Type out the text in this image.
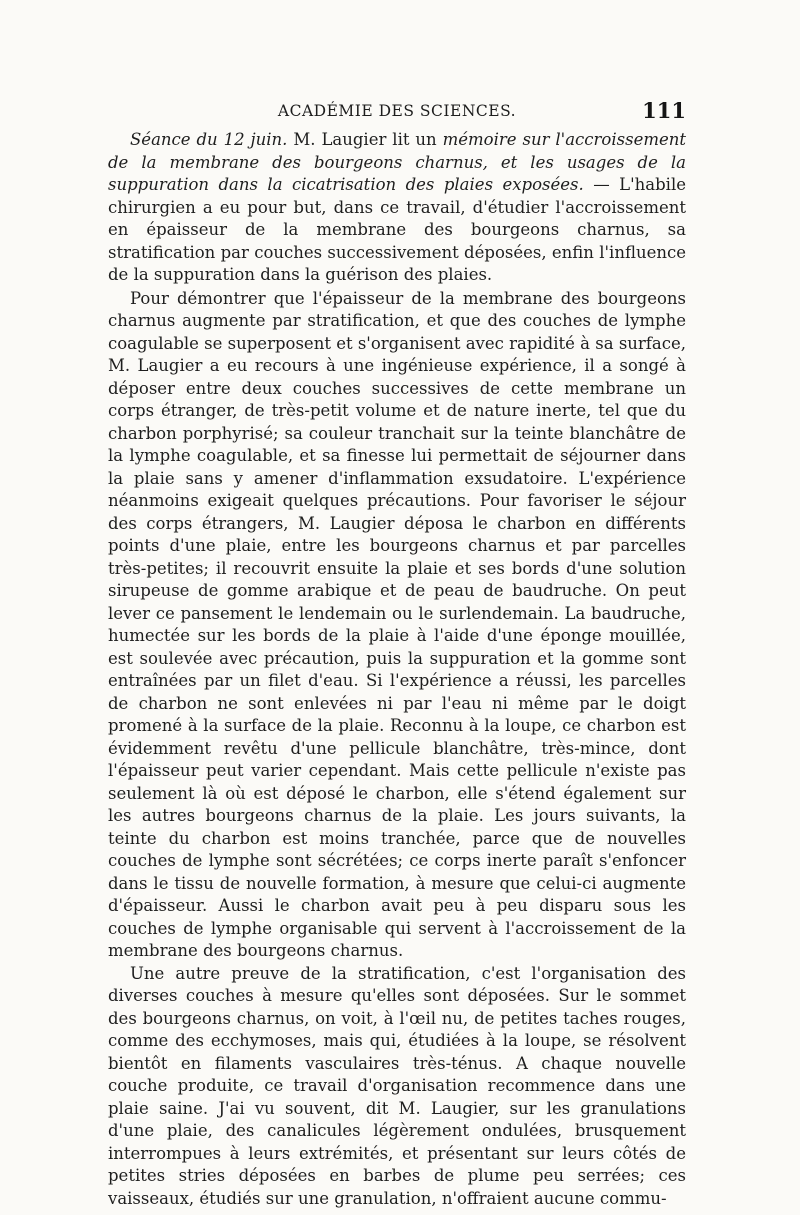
ACADÉMIE DES SCIENCES.	111

Séance du 12 juin. M. Laugier lit un mémoire sur l'accroissement de la membrane des bourgeons charnus, et les usages de la suppuration dans la cicatrisation des plaies exposées. — L'habile chirurgien a eu pour but, dans ce travail, d'étudier l'accroissement en épaisseur de la membrane des bourgeons charnus, sa stratification par couches successivement déposées, enfin l'influence de la suppuration dans la guérison des plaies.

Pour démontrer que l'épaisseur de la membrane des bourgeons charnus augmente par stratification, et que des couches de lymphe coagulable se superposent et s'organisent avec rapidité à sa surface, M. Laugier a eu recours à une ingénieuse expérience, il a songé à déposer entre deux couches successives de cette membrane un corps étranger, de très-petit volume et de nature inerte, tel que du charbon porphyrisé; sa couleur tranchait sur la teinte blanchâtre de la lymphe coagulable, et sa finesse lui permettait de séjourner dans la plaie sans y amener d'inflammation exsudatoire. L'expérience néanmoins exigeait quelques précautions. Pour favoriser le séjour des corps étrangers, M. Laugier déposa le charbon en différents points d'une plaie, entre les bourgeons charnus et par parcelles très-petites; il recouvrit ensuite la plaie et ses bords d'une solution sirupeuse de gomme arabique et de peau de baudruche. On peut lever ce pansement le lendemain ou le surlendemain. La baudruche, humectée sur les bords de la plaie à l'aide d'une éponge mouillée, est soulevée avec précaution, puis la suppuration et la gomme sont entraînées par un filet d'eau. Si l'expérience a réussi, les parcelles de charbon ne sont enlevées ni par l'eau ni même par le doigt promené à la surface de la plaie. Reconnu à la loupe, ce charbon est évidemment revêtu d'une pellicule blanchâtre, très-mince, dont l'épaisseur peut varier cependant. Mais cette pellicule n'existe pas seulement là où est déposé le charbon, elle s'étend également sur les autres bourgeons charnus de la plaie. Les jours suivants, la teinte du charbon est moins tranchée, parce que de nouvelles couches de lymphe sont sécrétées; ce corps inerte paraît s'enfoncer dans le tissu de nouvelle formation, à mesure que celui-ci augmente d'épaisseur. Aussi le charbon avait peu à peu disparu sous les couches de lymphe organisable qui servent à l'accroissement de la membrane des bourgeons charnus.

Une autre preuve de la stratification, c'est l'organisation des diverses couches à mesure qu'elles sont déposées. Sur le sommet des bourgeons charnus, on voit, à l'œil nu, de petites taches rouges, comme des ecchymoses, mais qui, étudiées à la loupe, se résolvent bientôt en filaments vasculaires très-ténus. A chaque nouvelle couche produite, ce travail d'organisation recommence dans une plaie saine. J'ai vu souvent, dit M. Laugier, sur les granulations d'une plaie, des canalicules légèrement ondulées, brusquement interrompues à leurs extrémités, et présentant sur leurs côtés de petites stries déposées en barbes de plume peu serrées; ces vaisseaux, étudiés sur une granulation, n'offraient aucune commu-
